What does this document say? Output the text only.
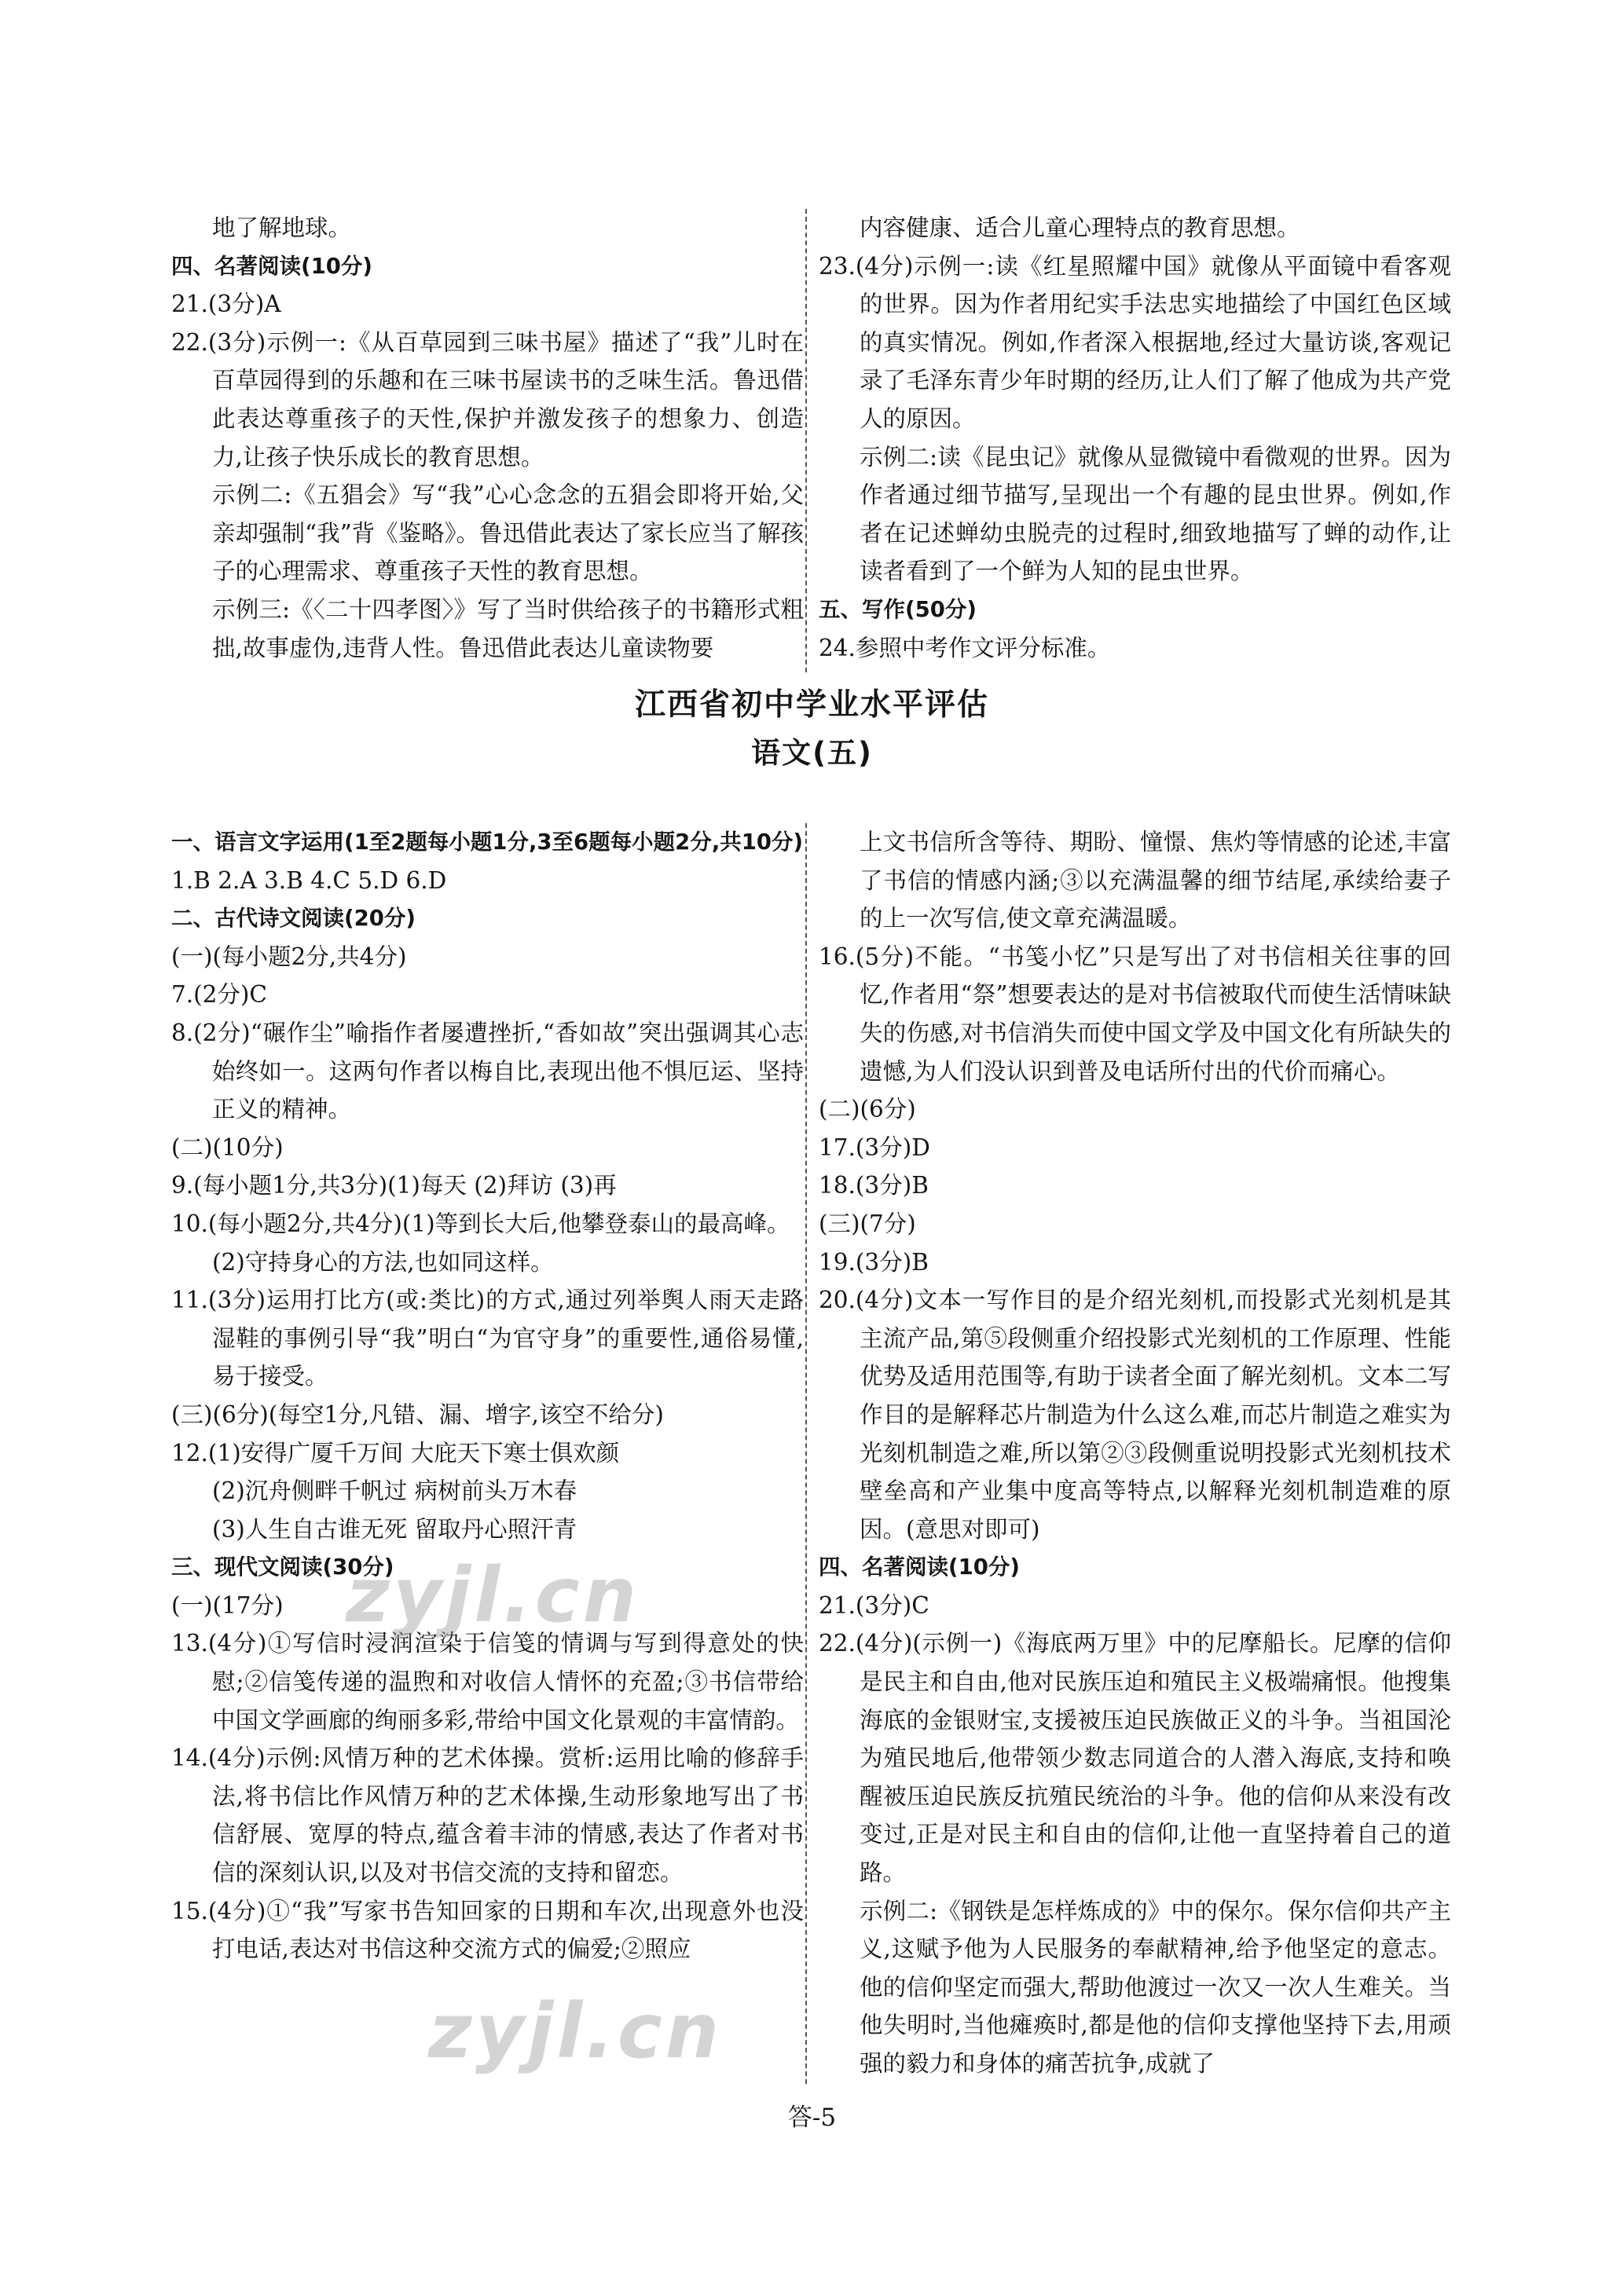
地了解地球。

四、名著阅读(10分)

21.(3分)A

22.(3分)示例一:《从百草园到三味书屋》描述了“我”儿时在百草园得到的乐趣和在三味书屋读书的乏味生活。鲁迅借此表达尊重孩子的天性,保护并激发孩子的想象力、创造力,让孩子快乐成长的教育思想。

示例二:《五猖会》写“我”心心念念的五猖会即将开始,父亲却强制“我”背《鉴略》。鲁迅借此表达了家长应当了解孩子的心理需求、尊重孩子天性的教育思想。

示例三:《〈二十四孝图〉》写了当时供给孩子的书籍形式粗拙,故事虚伪,违背人性。鲁迅借此表达儿童读物要

内容健康、适合儿童心理特点的教育思想。

23.(4分)示例一:读《红星照耀中国》就像从平面镜中看客观的世界。因为作者用纪实手法忠实地描绘了中国红色区域的真实情况。例如,作者深入根据地,经过大量访谈,客观记录了毛泽东青少年时期的经历,让人们了解了他成为共产党人的原因。

示例二:读《昆虫记》就像从显微镜中看微观的世界。因为作者通过细节描写,呈现出一个有趣的昆虫世界。例如,作者在记述蝉幼虫脱壳的过程时,细致地描写了蝉的动作,让读者看到了一个鲜为人知的昆虫世界。

五、写作(50分)

24.参照中考作文评分标准。

江西省初中学业水平评估
语文(五)

一、语言文字运用(1至2题每小题1分,3至6题每小题2分,共10分)

1.B 2.A 3.B 4.C 5.D 6.D

二、古代诗文阅读(20分)

(一)(每小题2分,共4分)

7.(2分)C

8.(2分)“碾作尘”喻指作者屡遭挫折,“香如故”突出强调其心志始终如一。这两句作者以梅自比,表现出他不惧厄运、坚持正义的精神。

(二)(10分)

9.(每小题1分,共3分)(1)每天 (2)拜访 (3)再

10.(每小题2分,共4分)(1)等到长大后,他攀登泰山的最高峰。

(2)守持身心的方法,也如同这样。

11.(3分)运用打比方(或:类比)的方式,通过列举舆人雨天走路湿鞋的事例引导“我”明白“为官守身”的重要性,通俗易懂,易于接受。

(三)(6分)(每空1分,凡错、漏、增字,该空不给分)

12.(1)安得广厦千万间 大庇天下寒士俱欢颜

(2)沉舟侧畔千帆过 病树前头万木春

(3)人生自古谁无死 留取丹心照汗青

三、现代文阅读(30分)

(一)(17分)

13.(4分)①写信时浸润渲染于信笺的情调与写到得意处的快慰;②信笺传递的温煦和对收信人情怀的充盈;③书信带给中国文学画廊的绚丽多彩,带给中国文化景观的丰富情韵。

14.(4分)示例:风情万种的艺术体操。赏析:运用比喻的修辞手法,将书信比作风情万种的艺术体操,生动形象地写出了书信舒展、宽厚的特点,蕴含着丰沛的情感,表达了作者对书信的深刻认识,以及对书信交流的支持和留恋。

15.(4分)①“我”写家书告知回家的日期和车次,出现意外也没打电话,表达对书信这种交流方式的偏爱;②照应

上文书信所含等待、期盼、憧憬、焦灼等情感的论述,丰富了书信的情感内涵;③以充满温馨的细节结尾,承续给妻子的上一次写信,使文章充满温暖。

16.(5分)不能。“书笺小忆”只是写出了对书信相关往事的回忆,作者用“祭”想要表达的是对书信被取代而使生活情味缺失的伤感,对书信消失而使中国文学及中国文化有所缺失的遗憾,为人们没认识到普及电话所付出的代价而痛心。

(二)(6分)

17.(3分)D

18.(3分)B

(三)(7分)

19.(3分)B

20.(4分)文本一写作目的是介绍光刻机,而投影式光刻机是其主流产品,第⑤段侧重介绍投影式光刻机的工作原理、性能优势及适用范围等,有助于读者全面了解光刻机。文本二写作目的是解释芯片制造为什么这么难,而芯片制造之难实为光刻机制造之难,所以第②③段侧重说明投影式光刻机技术壁垒高和产业集中度高等特点,以解释光刻机制造难的原因。(意思对即可)

四、名著阅读(10分)

21.(3分)C

22.(4分)(示例一)《海底两万里》中的尼摩船长。尼摩的信仰是民主和自由,他对民族压迫和殖民主义极端痛恨。他搜集海底的金银财宝,支援被压迫民族做正义的斗争。当祖国沦为殖民地后,他带领少数志同道合的人潜入海底,支持和唤醒被压迫民族反抗殖民统治的斗争。他的信仰从来没有改变过,正是对民主和自由的信仰,让他一直坚持着自己的道路。

示例二:《钢铁是怎样炼成的》中的保尔。保尔信仰共产主义,这赋予他为人民服务的奉献精神,给予他坚定的意志。他的信仰坚定而强大,帮助他渡过一次又一次人生难关。当他失明时,当他瘫痪时,都是他的信仰支撑他坚持下去,用顽强的毅力和身体的痛苦抗争,成就了

zyjl.cn
zyjl.cn
答-5
